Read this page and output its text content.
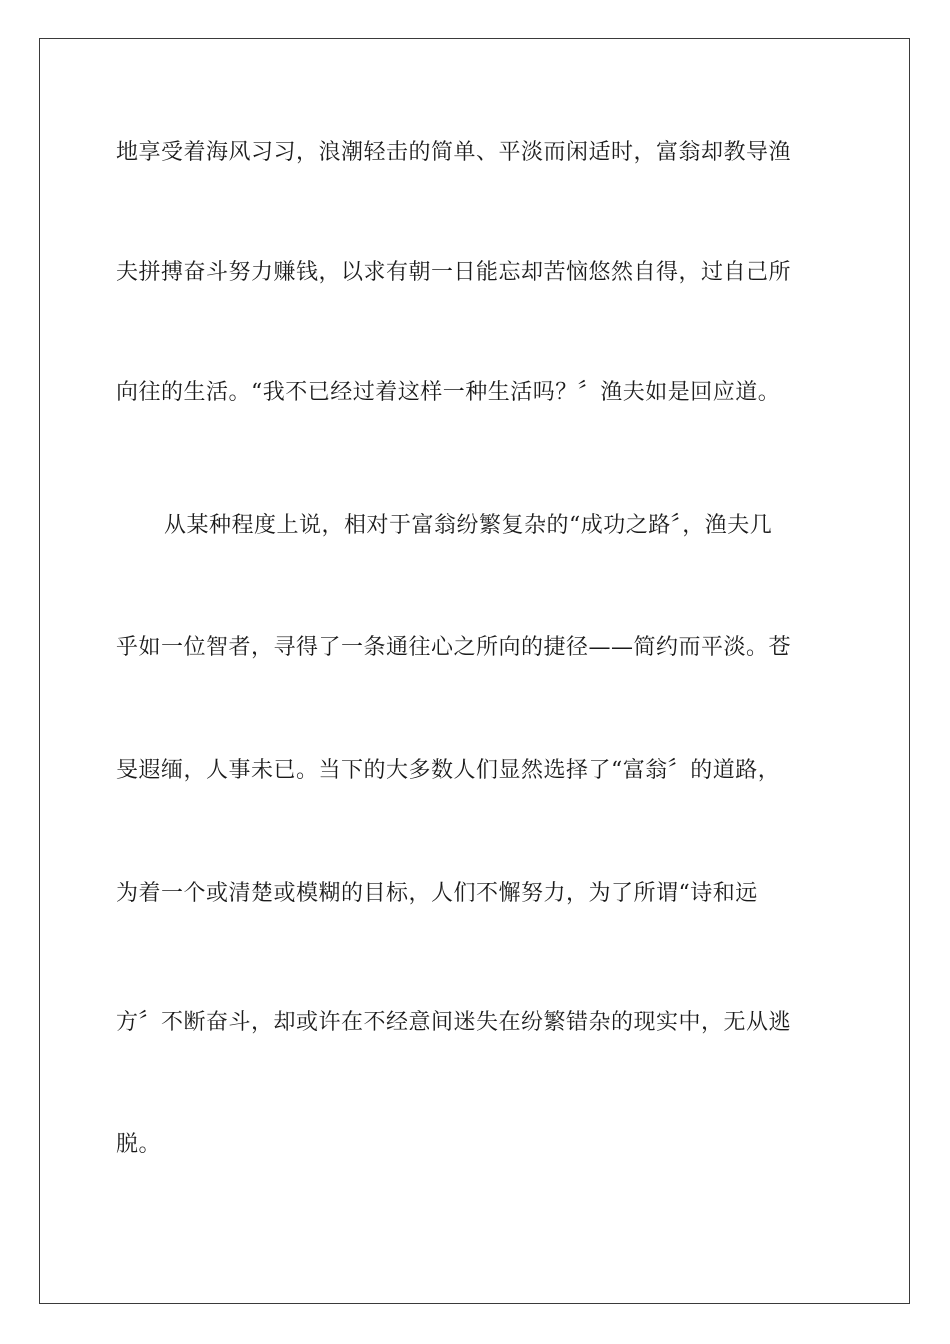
地享受着海风习习，浪潮轻击的简单、平淡而闲适时，富翁却教导渔
夫拼搏奋斗努力赚钱，以求有朝一日能忘却苦恼悠然自得，过自己所
向往的生活。“我不已经过着这样一种生活吗？〞渔夫如是回应道。
从某种程度上说，相对于富翁纷繁复杂的“成功之路〞，渔夫几
乎如一位智者，寻得了一条通往心之所向的捷径——简约而平淡。苍
旻遐缅，人事未已。当下的大多数人们显然选择了“富翁〞的道路，
为着一个或清楚或模糊的目标，人们不懈努力，为了所谓“诗和远
方〞不断奋斗，却或许在不经意间迷失在纷繁错杂的现实中，无从逃
脱。
